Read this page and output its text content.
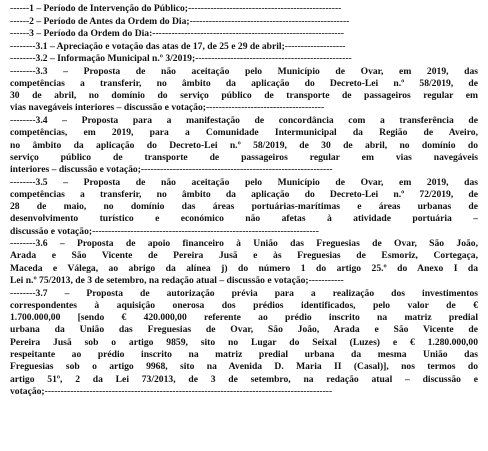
------1 – Período de Intervenção do Público;------------------------------------------------
------2 – Período de Antes da Ordem do Dia;--------------------------------------------------
------3 – Período da Ordem do Dia:------------------------------------------------------------
--------3.1 – Apreciação e votação das atas de 17, de 25 e 29 de abril;-------------------
--------3.2 – Informação Municipal n.º 3/2019;-------------------------------------------------
--------3.3 – Proposta de não aceitação pelo Município de Ovar, em 2019, das
competências a transferir, no âmbito da aplicação do Decreto-Lei n.º 58/2019, de
30 de abril, no domínio do serviço público de transporte de passageiros regular em
vias navegáveis interiores – discussão e votação;-------------------------------------
--------3.4 – Proposta para a manifestação de concordância com a transferência de
competências, em 2019, para a Comunidade Intermunicipal da Região de Aveiro,
no âmbito da aplicação do Decreto-Lei n.º 58/2019, de 30 de abril, no domínio do
serviço público de transporte de passageiros regular em vias navegáveis
interiores – discussão e votação;------------------------------------------------------------
--------3.5 – Proposta de não aceitação pelo Município de Ovar, em 2019, das
competências a transferir, no âmbito da aplicação do Decreto-Lei n.º 72/2019, de
28 de maio, no domínio das áreas portuárias-marítimas e áreas urbanas de
desenvolvimento turístico e económico não afetas à atividade portuária –
discussão e votação;-----------------------------------------------------------------------
--------3.6 – Proposta de apoio financeiro à União das Freguesias de Ovar, São João,
Arada e São Vicente de Pereira Jusã e às Freguesias de Esmoriz, Cortegaça,
Maceda e Válega, ao abrigo da alínea j) do número 1 do artigo 25.º do Anexo I da
Lei n.º 75/2013, de 3 de setembro, na redação atual – discussão e votação;-----------
--------3.7 – Proposta de autorização prévia para a realização dos investimentos
correspondentes à aquisição onerosa dos prédios identificados, pelo valor de €
1.700.000,00 [sendo € 420.000,00 referente ao prédio inscrito na matriz predial
urbana da União das Freguesias de Ovar, São João, Arada e São Vicente de
Pereira Jusã sob o artigo 9859, sito no Lugar do Seixal (Luzes) e € 1.280.000,00
respeitante ao prédio inscrito na matriz predial urbana da mesma União das
Freguesias sob o artigo 9968, sito na Avenida D. Maria II (Casal)], nos termos do
artigo 51º, 2 da Lei 73/2013, de 3 de setembro, na redação atual – discussão e
votação;------------------------------------------------------------------------------------------
